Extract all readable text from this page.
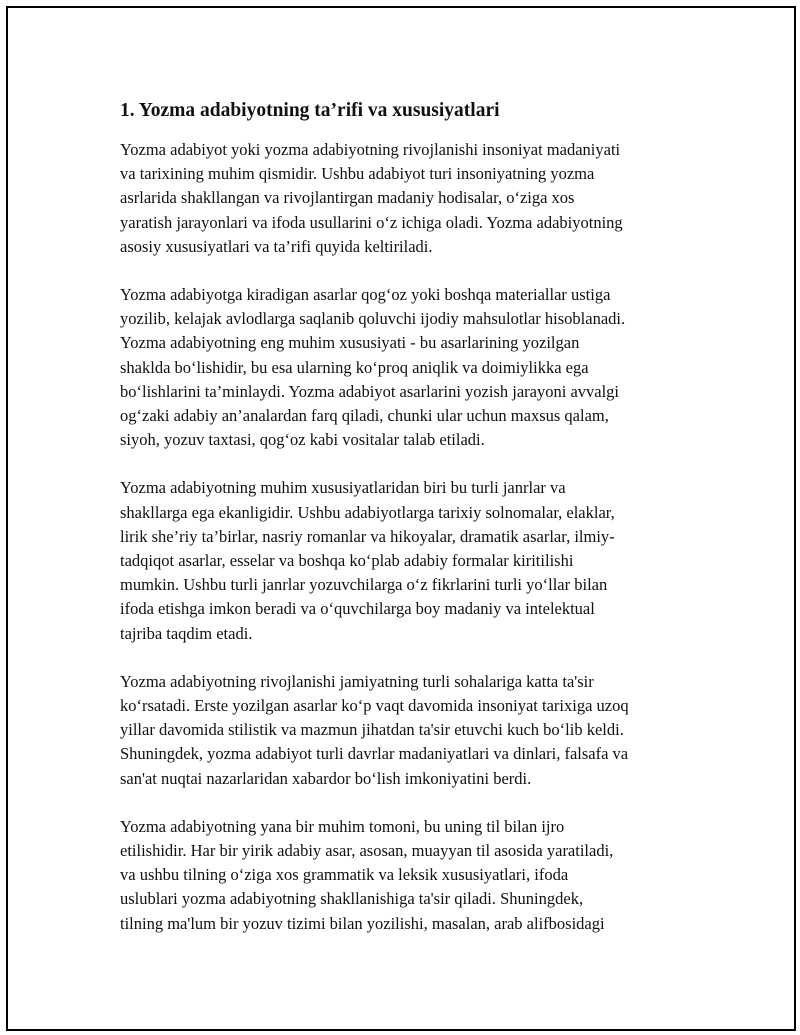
1. Yozma adabiyotning ta’rifi va xususiyatlari

Yozma adabiyot yoki yozma adabiyotning rivojlanishi insoniyat madaniyati
va tarixining muhim qismidir. Ushbu adabiyot turi insoniyatning yozma
asrlarida shakllangan va rivojlantirgan madaniy hodisalar, o‘ziga xos
yaratish jarayonlari va ifoda usullarini o‘z ichiga oladi. Yozma adabiyotning
asosiy xususiyatlari va ta’rifi quyida keltiriladi.

Yozma adabiyotga kiradigan asarlar qog‘oz yoki boshqa materiallar ustiga
yozilib, kelajak avlodlarga saqlanib qoluvchi ijodiy mahsulotlar hisoblanadi.
Yozma adabiyotning eng muhim xususiyati - bu asarlarining yozilgan
shaklda bo‘lishidir, bu esa ularning ko‘proq aniqlik va doimiylikka ega
bo‘lishlarini ta’minlaydi. Yozma adabiyot asarlarini yozish jarayoni avvalgi
og‘zaki adabiy an’analardan farq qiladi, chunki ular uchun maxsus qalam,
siyoh, yozuv taxtasi, qog‘oz kabi vositalar talab etiladi.

Yozma adabiyotning muhim xususiyatlaridan biri bu turli janrlar va
shakllarga ega ekanligidir. Ushbu adabiyotlarga tarixiy solnomalar, elaklar,
lirik she’riy ta’birlar, nasriy romanlar va hikoyalar, dramatik asarlar, ilmiy-
tadqiqot asarlar, esselar va boshqa ko‘plab adabiy formalar kiritilishi
mumkin. Ushbu turli janrlar yozuvchilarga o‘z fikrlarini turli yo‘llar bilan
ifoda etishga imkon beradi va o‘quvchilarga boy madaniy va intelektual
tajriba taqdim etadi.

Yozma adabiyotning rivojlanishi jamiyatning turli sohalariga katta ta'sir
ko‘rsatadi. Erste yozilgan asarlar ko‘p vaqt davomida insoniyat tarixiga uzoq
yillar davomida stilistik va mazmun jihatdan ta'sir etuvchi kuch bo‘lib keldi.
Shuningdek, yozma adabiyot turli davrlar madaniyatlari va dinlari, falsafa va
san'at nuqtai nazarlaridan xabardor bo‘lish imkoniyatini berdi.

Yozma adabiyotning yana bir muhim tomoni, bu uning til bilan ijro
etilishidir. Har bir yirik adabiy asar, asosan, muayyan til asosida yaratiladi,
va ushbu tilning o‘ziga xos grammatik va leksik xususiyatlari, ifoda
uslublari yozma adabiyotning shakllanishiga ta'sir qiladi. Shuningdek,
tilning ma'lum bir yozuv tizimi bilan yozilishi, masalan, arab alifbosidagi
